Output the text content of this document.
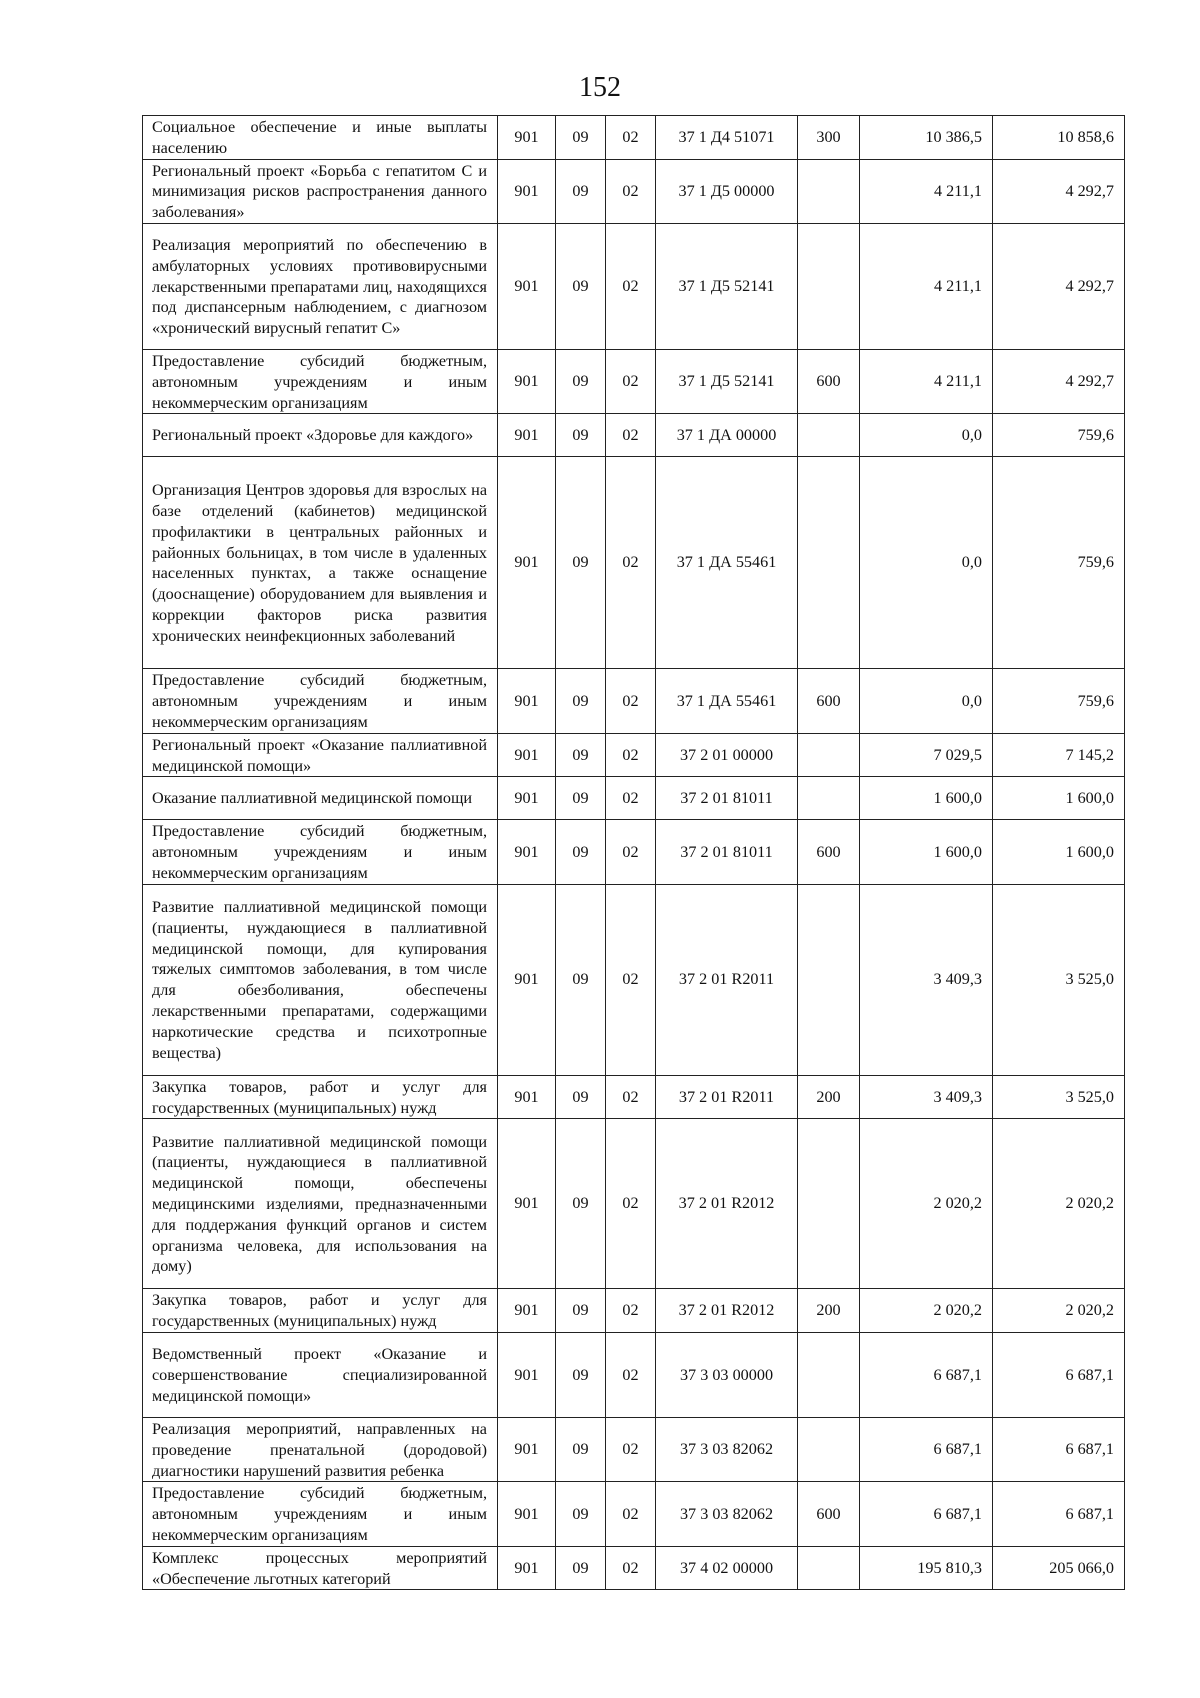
152
Социальное обеспечение и иные выплаты населению	901	09	02	37 1 Д4 51071	300	10 386,5	10 858,6
Региональный проект «Борьба с гепатитом С и минимизация рисков распространения данного заболевания»	901	09	02	37 1 Д5 00000		4 211,1	4 292,7
Реализация мероприятий по обеспечению в амбулаторных условиях противовирусными лекарственными препаратами лиц, находящихся под диспансерным наблюдением, с диагнозом «хронический вирусный гепатит С»	901	09	02	37 1 Д5 52141		4 211,1	4 292,7
Предоставление субсидий бюджетным, автономным учреждениям и иным некоммерческим организациям	901	09	02	37 1 Д5 52141	600	4 211,1	4 292,7
Региональный проект «Здоровье для каждого»	901	09	02	37 1 ДА 00000		0,0	759,6
Организация Центров здоровья для взрослых на базе отделений (кабинетов) медицинской профилактики в центральных районных и районных больницах, в том числе в удаленных населенных пунктах, а также оснащение (дооснащение) оборудованием для выявления и коррекции факторов риска развития хронических неинфекционных заболеваний	901	09	02	37 1 ДА 55461		0,0	759,6
Предоставление субсидий бюджетным, автономным учреждениям и иным некоммерческим организациям	901	09	02	37 1 ДА 55461	600	0,0	759,6
Региональный проект «Оказание паллиативной медицинской помощи»	901	09	02	37 2 01 00000		7 029,5	7 145,2
Оказание паллиативной медицинской помощи	901	09	02	37 2 01 81011		1 600,0	1 600,0
Предоставление субсидий бюджетным, автономным учреждениям и иным некоммерческим организациям	901	09	02	37 2 01 81011	600	1 600,0	1 600,0
Развитие паллиативной медицинской помощи (пациенты, нуждающиеся в паллиативной медицинской помощи, для купирования тяжелых симптомов заболевания, в том числе для обезболивания, обеспечены лекарственными препаратами, содержащими наркотические средства и психотропные вещества)	901	09	02	37 2 01 R2011		3 409,3	3 525,0
Закупка товаров, работ и услуг для государственных (муниципальных) нужд	901	09	02	37 2 01 R2011	200	3 409,3	3 525,0
Развитие паллиативной медицинской помощи (пациенты, нуждающиеся в паллиативной медицинской помощи, обеспечены медицинскими изделиями, предназначенными для поддержания функций органов и систем организма человека, для использования на дому)	901	09	02	37 2 01 R2012		2 020,2	2 020,2
Закупка товаров, работ и услуг для государственных (муниципальных) нужд	901	09	02	37 2 01 R2012	200	2 020,2	2 020,2
Ведомственный проект «Оказание и совершенствование специализированной медицинской помощи»	901	09	02	37 3 03 00000		6 687,1	6 687,1
Реализация мероприятий, направленных на проведение пренатальной (дородовой) диагностики нарушений развития ребенка	901	09	02	37 3 03 82062		6 687,1	6 687,1
Предоставление субсидий бюджетным, автономным учреждениям и иным некоммерческим организациям	901	09	02	37 3 03 82062	600	6 687,1	6 687,1
Комплекс процессных мероприятий «Обеспечение льготных категорий	901	09	02	37 4 02 00000		195 810,3	205 066,0
